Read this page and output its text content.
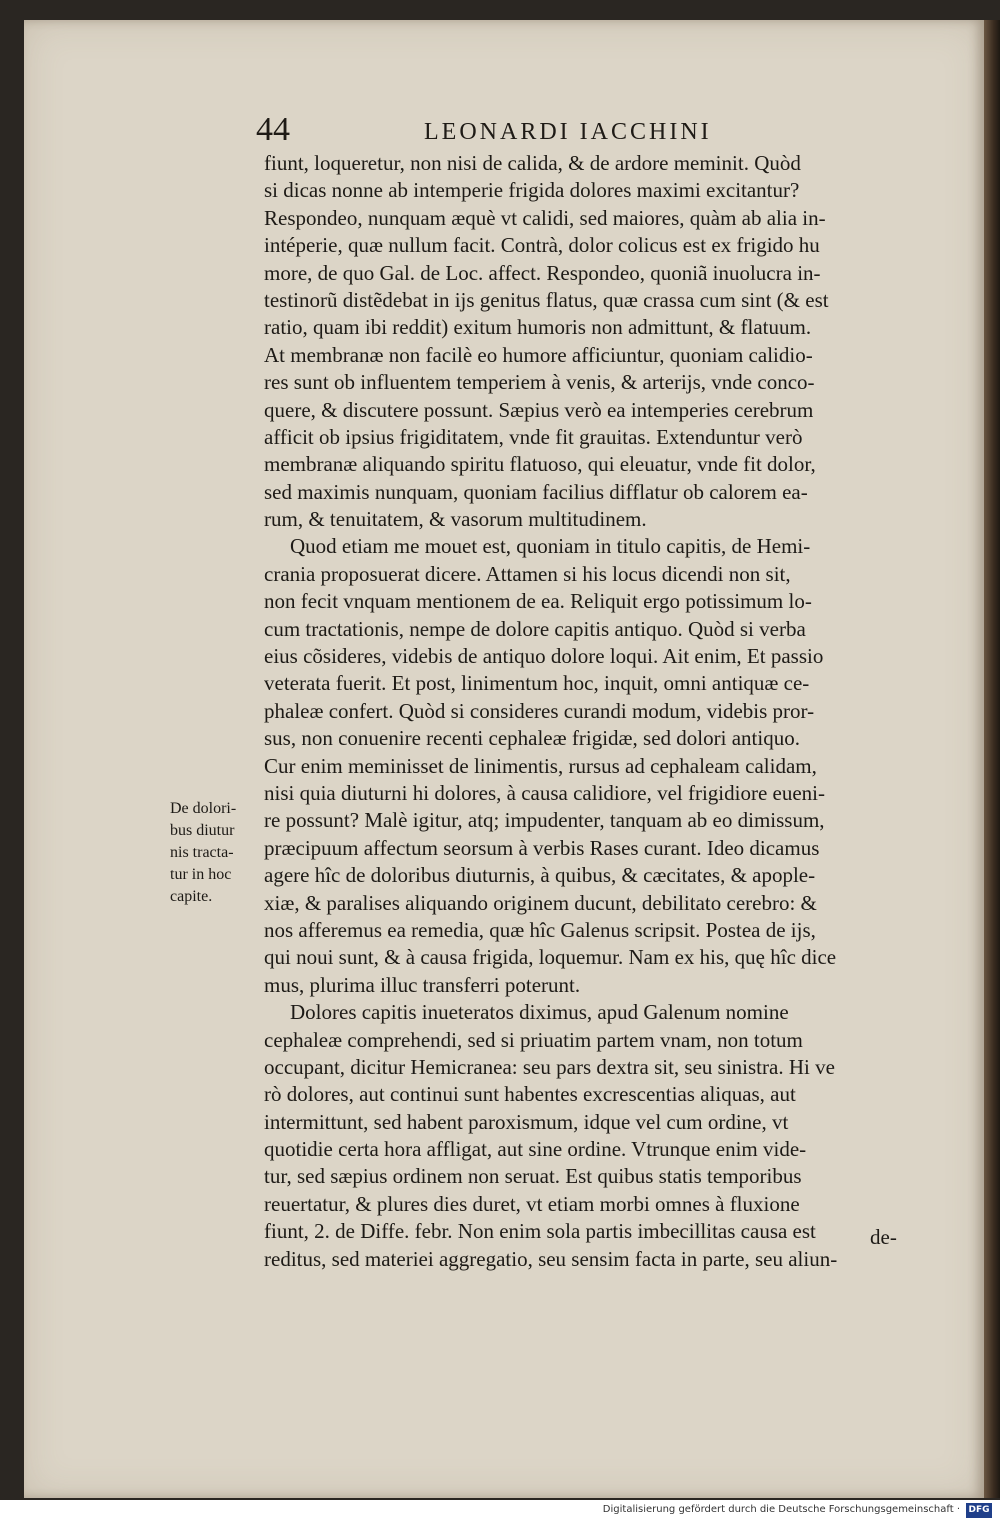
44	LEONARDI IACCHINI
fiunt, loqueretur, non nisi de calida, & de ardore meminit. Quòd
si dicas nonne ab intemperie frigida dolores maximi excitantur?
Respondeo, nunquam æquè vt calidi, sed maiores, quàm ab alia in-
intéperie, quæ nullum facit. Contrà, dolor colicus est ex frigido hu
more, de quo Gal. de Loc. affect. Respondeo, quoniã inuolucra in-
testinorũ distẽdebat in ijs genitus flatus, quæ crassa cum sint (& est
ratio, quam ibi reddit) exitum humoris non admittunt, & flatuum.
At membranæ non facilè eo humore afficiuntur, quoniam calidio-
res sunt ob influentem temperiem à venis, & arterijs, vnde conco-
quere, & discutere possunt. Sæpius verò ea intemperies cerebrum
afficit ob ipsius frigiditatem, vnde fit grauitas. Extenduntur verò
membranæ aliquando spiritu flatuoso, qui eleuatur, vnde fit dolor,
sed maximis nunquam, quoniam facilius difflatur ob calorem ea-
rum, & tenuitatem, & vasorum multitudinem.
Quod etiam me mouet est, quoniam in titulo capitis, de Hemi-
crania proposuerat dicere. Attamen si his locus dicendi non sit,
non fecit vnquam mentionem de ea. Reliquit ergo potissimum lo-
cum tractationis, nempe de dolore capitis antiquo. Quòd si verba
eius cõsideres, videbis de antiquo dolore loqui. Ait enim, Et passio
veterata fuerit. Et post, linimentum hoc, inquit, omni antiquæ ce-
phaleæ confert. Quòd si consideres curandi modum, videbis pror-
sus, non conuenire recenti cephaleæ frigidæ, sed dolori antiquo.
Cur enim meminisset de linimentis, rursus ad cephaleam calidam,
nisi quia diuturni hi dolores, à causa calidiore, vel frigidiore eueni-
re possunt? Malè igitur, atq; impudenter, tanquam ab eo dimissum,
præcipuum affectum seorsum à verbis Rases curant. Ideo dicamus
agere hîc de doloribus diuturnis, à quibus, & cæcitates, & apople-
xiæ, & paralises aliquando originem ducunt, debilitato cerebro: &
nos afferemus ea remedia, quæ hîc Galenus scripsit. Postea de ijs,
qui noui sunt, & à causa frigida, loquemur. Nam ex his, quę hîc dice
mus, plurima illuc transferri poterunt.
Dolores capitis inueteratos diximus, apud Galenum nomine
cephaleæ comprehendi, sed si priuatim partem vnam, non totum
occupant, dicitur Hemicranea: seu pars dextra sit, seu sinistra. Hi ve
rò dolores, aut continui sunt habentes excrescentias aliquas, aut
intermittunt, sed habent paroxismum, idque vel cum ordine, vt
quotidie certa hora affligat, aut sine ordine. Vtrunque enim vide-
tur, sed sæpius ordinem non seruat. Est quibus statis temporibus
reuertatur, & plures dies duret, vt etiam morbi omnes à fluxione
fiunt, 2. de Diffe. febr. Non enim sola partis imbecillitas causa est
reditus, sed materiei aggregatio, seu sensim facta in parte, seu aliun-
De dolori-
bus diutur
nis tracta-
tur in hoc
capite.
de-
Digitalisierung gefördert durch die Deutsche Forschungsgemeinschaft · DFG
